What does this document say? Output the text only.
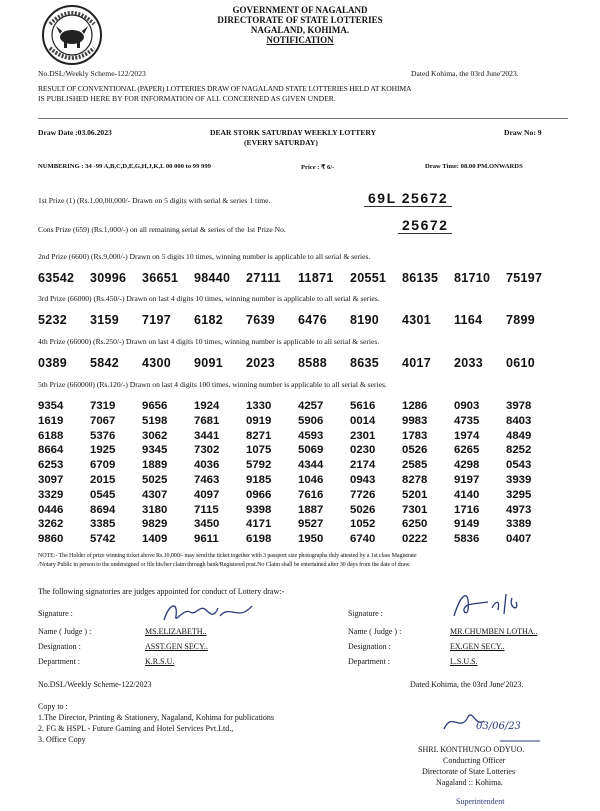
GOVERNMENT OF NAGALAND
DIRECTORATE OF STATE LOTTERIES
NAGALAND, KOHIMA.
NOTIFICATION
No.DSL/Weekly Scheme-122/2023	Dated Kohima, the 03rd June'2023.
RESULT OF CONVENTIONAL (PAPER) LOTTERIES DRAW OF NAGALAND STATE LOTTERIES HELD AT KOHIMA
IS PUBLISHED HERE BY FOR INFORMATION OF ALL CONCERNED AS GIVEN UNDER.
Draw Date :03.06.2023	DEAR STORK SATURDAY WEEKLY LOTTERY
(EVERY SATURDAY)
Draw No: 9
NUMBERING : 34 -99 A,B,C,D,E,G,H,J,K,L 00 000 to 99 999	Price : ₹ 6/-	Draw Time: 08.00 PM.ONWARDS
1st Prize (1) (Rs.1,00,00,000/- Drawn on 5 digits with serial & series 1 time.	69L 25672
Cons Prize (659) (Rs.1,000/-) on all remaining serial & series of the 1st Prize No.	25672
2nd Prize (6600) (Rs.9,000/-) Drawn on 5 digits 10 times, winning number is applicable to all serial & series.
63542	30996	36651	98440	27111	11871	20551	86135	81710	75197
3rd Prize (66000) (Rs.450/-) Drawn on last 4 digits 10 times, winning number is applicable to all serial & series.
5232	3159	7197	6182	7639	6476	8190	4301	1164	7899
4th Prize (66000) (Rs.250/-) Drawn on last 4 digits 10 times, winning number is applicable to all serial & series.
0389	5842	4300	9091	2023	8588	8635	4017	2033	0610
5th Prize (660000) (Rs.120/-) Drawn on last 4 digits 100 times, winning number is applicable to all serial & series.
9354	7319	9656	1924	1330	4257	5616	1286	0903	3978
1619	7067	5198	7681	0919	5906	0014	9983	4735	8403
6188	5376	3062	3441	8271	4593	2301	1783	1974	4849
8664	1925	9345	7302	1075	5069	0230	0526	6265	8252
6253	6709	1889	4036	5792	4344	2174	2585	4298	0543
3097	2015	5025	7463	9185	1046	0943	8278	9197	3939
3329	0545	4307	4097	0966	7616	7726	5201	4140	3295
0446	8694	3180	7115	9398	1887	5026	7301	1716	4973
3262	3385	9829	3450	4171	9527	1052	6250	9149	3389
9860	5742	1409	9611	6198	1950	6740	0222	5836	0407
NOTE:- The Holder of prize winning ticket above Rs.10,000/- may send the ticket together with 3 passport size photographs duly attested by a 1st class Magistrate
/Notary Public in person to the undersigned or file his/her claim through bank/Registered post.No Claim shall be entertained after 30 days from the date of draw.
The following signatories are judges appointed for conduct of Lottery draw:-
Signature :
Name ( Judge ) :	MS.ELIZABETH..
Designation :	ASST.GEN SECY..
Department :	K.R.S.U.
Signature :
Name ( Judge ) :	MR.CHUMBEN LOTHA..
Designation :	EX.GEN SECY..
Department :	L.S.U.S.
No.DSL/Weekly Scheme-122/2023	Dated Kohima, the 03rd June'2023.
Copy to :
1.The Director, Printing & Stationery, Nagaland, Kohima for publications
2. FG & HSPL - Future Gaming and Hotel Services Pvt.Ltd.,
3. Office Copy
03/06/23
SHRI. KONTHUNGO ODYUO.
Conducting Officer
Directorate of State Lotteries
Nagaland :: Kohima.
Superintendent
